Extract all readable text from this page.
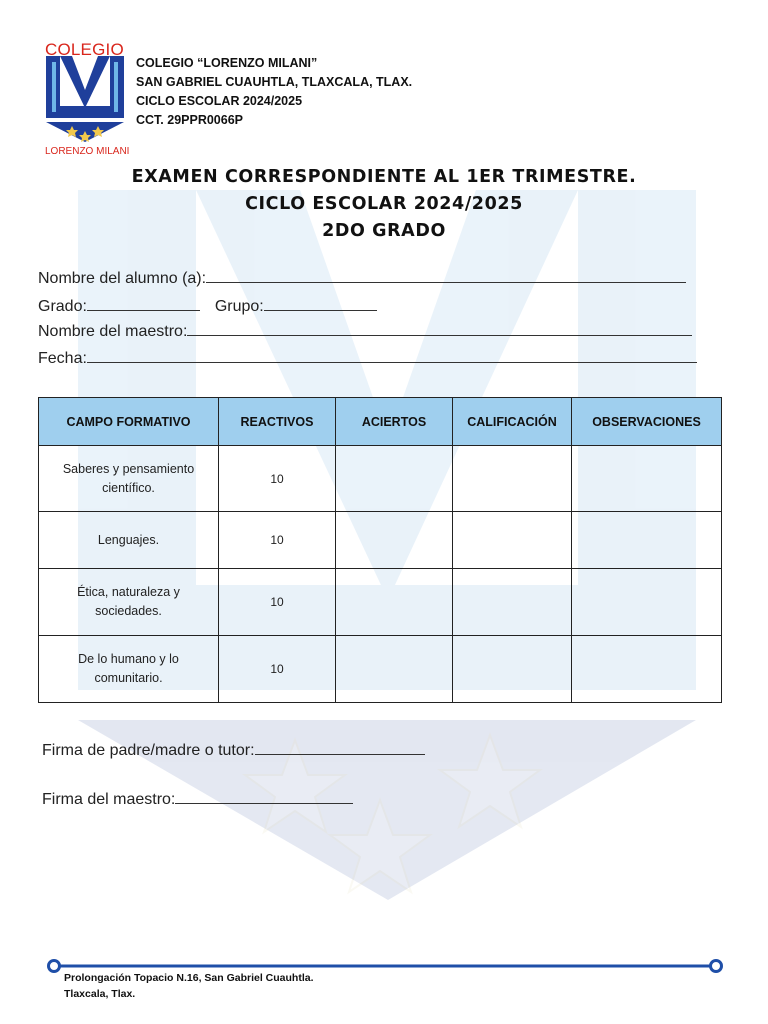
COLEGIO
LORENZO MILANI
COLEGIO “LORENZO MILANI”
SAN GABRIEL CUAUHTLA, TLAXCALA, TLAX.
CICLO ESCOLAR 2024/2025
CCT. 29PPR0066P
EXAMEN CORRESPONDIENTE AL 1ER TRIMESTRE.
CICLO ESCOLAR 2024/2025
2DO GRADO
Nombre del alumno (a):
Grado:	Grupo:
Nombre del maestro:
Fecha:
CAMPO FORMATIVO	REACTIVOS	ACIERTOS	CALIFICACIÓN	OBSERVACIONES
Saberes y pensamiento científico.	10			
Lenguajes.	10			
Ética, naturaleza y sociedades.	10			
De lo humano y lo comunitario.	10			
Firma de padre/madre o tutor:
Firma del maestro:
Prolongación Topacio N.16, San Gabriel Cuauhtla.
Tlaxcala, Tlax.
